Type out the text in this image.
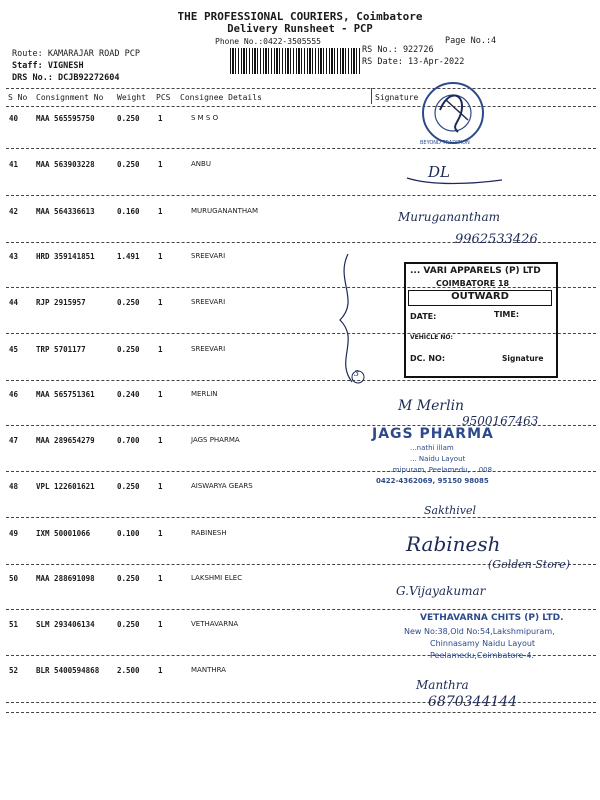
THE PROFESSIONAL COURIERS, Coimbatore
Delivery Runsheet - PCP
Phone No.:0422-3505555	Page No.:4
Route: KAMARAJAR ROAD PCP
Staff: VIGNESH
DRS No.: DCJB92272604
RS No.: 922726
RS Date: 13-Apr-2022
S No Consignment No Weight PCS Consignee Details	Signature
40 MAA 565595750	0.250 1	S M S O
41 MAA 563903228	0.250 1	ANBU
42 MAA 564336613	0.160 1	MURUGANANTHAM
43 HRD 359141851	1.491 1	SREEVARI
44 RJP 2915957	0.250 1	SREEVARI
45 TRP 5701177	0.250 1	SREEVARI
46 MAA 565751361	0.240 1	MERLIN
47 MAA 289654279	0.700 1	JAGS PHARMA
48 VPL 122601621	0.250 1	AISWARYA GEARS
49 IXM 50001066	0.100 1	RABINESH
50 MAA 288691098	0.250 1	LAKSHMI ELEC
51 SLM 293406134	0.250 1	VETHAVARNA
52 BLR 5400594868 2.500 1	MANTHRA
BEYOND TRADITION
DL
Muruganantham
9962533426
3
... VARI APPARELS (P) LTD
COIMBATORE 18
OUTWARD
DATE:	TIME:
VEHICLE NO:
DC. NO:	Signature
M Merlin
9500167463
JAGS PHARMA
...nathi illam
... Naidu Layout
...mipuram, Peelamedu, ...008
0422-4362069, 95150 98085
Sakthivel
Rabinesh
(Golden Store)
G.Vijayakumar
VETHAVARNA CHITS (P) LTD.
New No:38,Old No:54,Lakshmipuram,
Chinnasamy Naidu Layout
Peelamedu,Coimbatore-4.
Manthra
6870344144
